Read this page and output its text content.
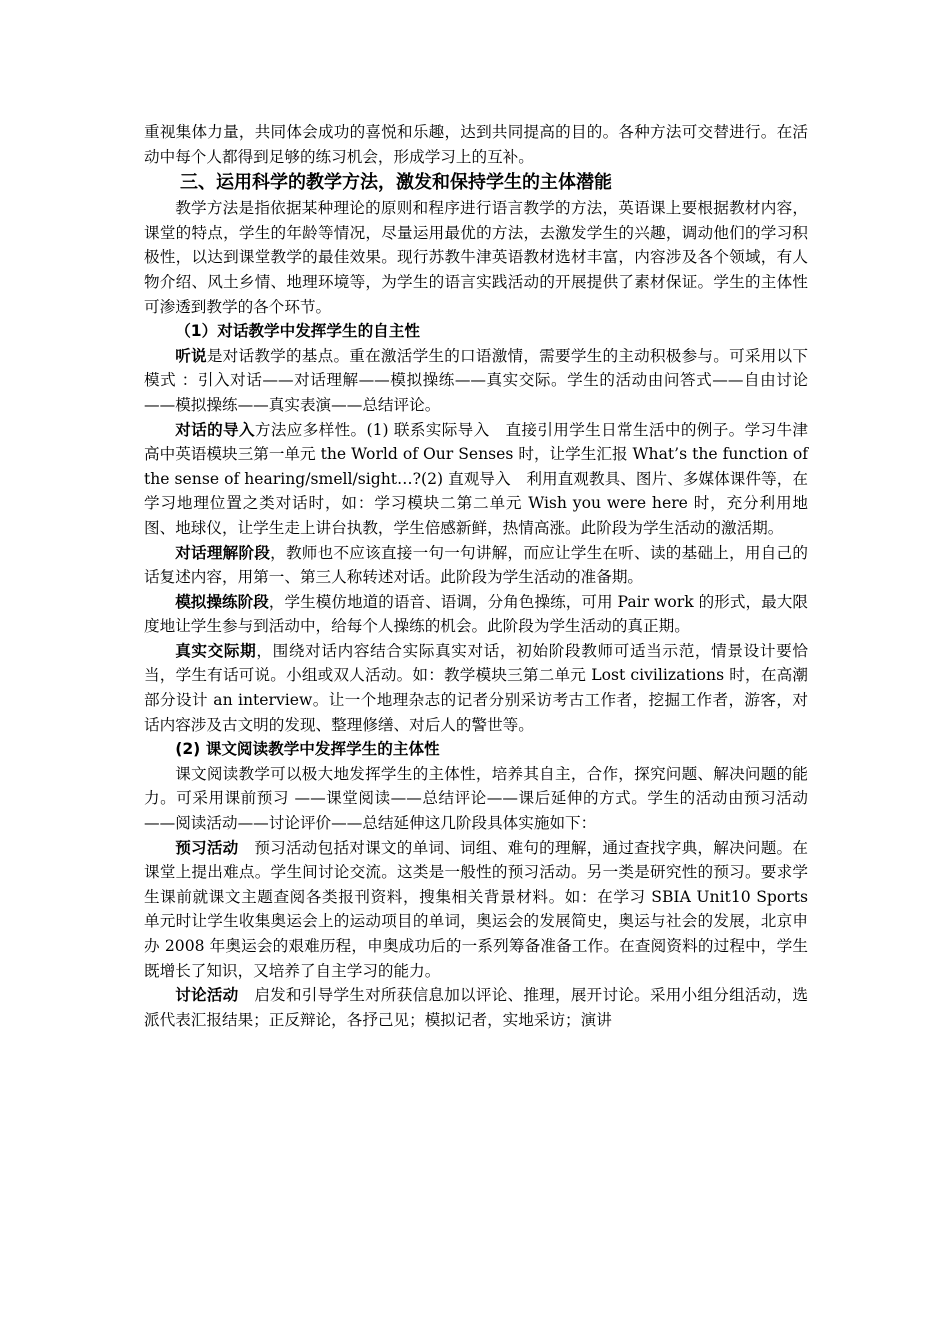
重视集体力量，共同体会成功的喜悦和乐趣，达到共同提高的目的。各种方法可交替进行。在活动中每个人都得到足够的练习机会，形成学习上的互补。

三、运用科学的教学方法，激发和保持学生的主体潜能

教学方法是指依据某种理论的原则和程序进行语言教学的方法，英语课上要根据教材内容，课堂的特点，学生的年龄等情况，尽量运用最优的方法，去激发学生的兴趣，调动他们的学习积极性，以达到课堂教学的最佳效果。现行苏教牛津英语教材选材丰富，内容涉及各个领域，有人物介绍、风土乡情、地理环境等，为学生的语言实践活动的开展提供了素材保证。学生的主体性可渗透到教学的各个环节。

（1）对话教学中发挥学生的自主性

听说是对话教学的基点。重在激活学生的口语激情，需要学生的主动积极参与。可采用以下模式 ：引入对话——对话理解——模拟操练——真实交际。学生的活动由问答式——自由讨论——模拟操练——真实表演——总结评论。

对话的导入方法应多样性。(1) 联系实际导入　直接引用学生日常生活中的例子。学习牛津高中英语模块三第一单元 the World of Our Senses 时，让学生汇报 What’s the function of the sense of hearing/smell/sight…?(2) 直观导入　利用直观教具、图片、多媒体课件等，在学习地理位置之类对话时，如：学习模块二第二单元 Wish you were here 时，充分利用地图、地球仪，让学生走上讲台执教，学生倍感新鲜，热情高涨。此阶段为学生活动的激活期。

对话理解阶段，教师也不应该直接一句一句讲解，而应让学生在听、读的基础上，用自己的话复述内容，用第一、第三人称转述对话。此阶段为学生活动的准备期。

模拟操练阶段，学生模仿地道的语音、语调，分角色操练，可用 Pair work 的形式，最大限度地让学生参与到活动中，给每个人操练的机会。此阶段为学生活动的真正期。

真实交际期，围绕对话内容结合实际真实对话，初始阶段教师可适当示范，情景设计要恰当，学生有话可说。小组或双人活动。如：教学模块三第二单元 Lost civilizations 时，在高潮部分设计 an interview。让一个地理杂志的记者分别采访考古工作者，挖掘工作者，游客，对话内容涉及古文明的发现、整理修缮、对后人的警世等。

(2) 课文阅读教学中发挥学生的主体性

课文阅读教学可以极大地发挥学生的主体性，培养其自主，合作，探究问题、解决问题的能力。可采用课前预习 ——课堂阅读——总结评论——课后延伸的方式。学生的活动由预习活动——阅读活动——讨论评价——总结延伸这几阶段具体实施如下：

预习活动　预习活动包括对课文的单词、词组、难句的理解，通过查找字典，解决问题。在课堂上提出难点。学生间讨论交流。这类是一般性的预习活动。另一类是研究性的预习。要求学生课前就课文主题查阅各类报刊资料，搜集相关背景材料。如：在学习 SBIA Unit10 Sports 单元时让学生收集奥运会上的运动项目的单词，奥运会的发展简史，奥运与社会的发展，北京申办 2008 年奥运会的艰难历程，申奥成功后的一系列筹备准备工作。在查阅资料的过程中，学生既增长了知识，又培养了自主学习的能力。

讨论活动　启发和引导学生对所获信息加以评论、推理，展开讨论。采用小组分组活动，选派代表汇报结果；正反辩论，各抒己见；模拟记者，实地采访；演讲
